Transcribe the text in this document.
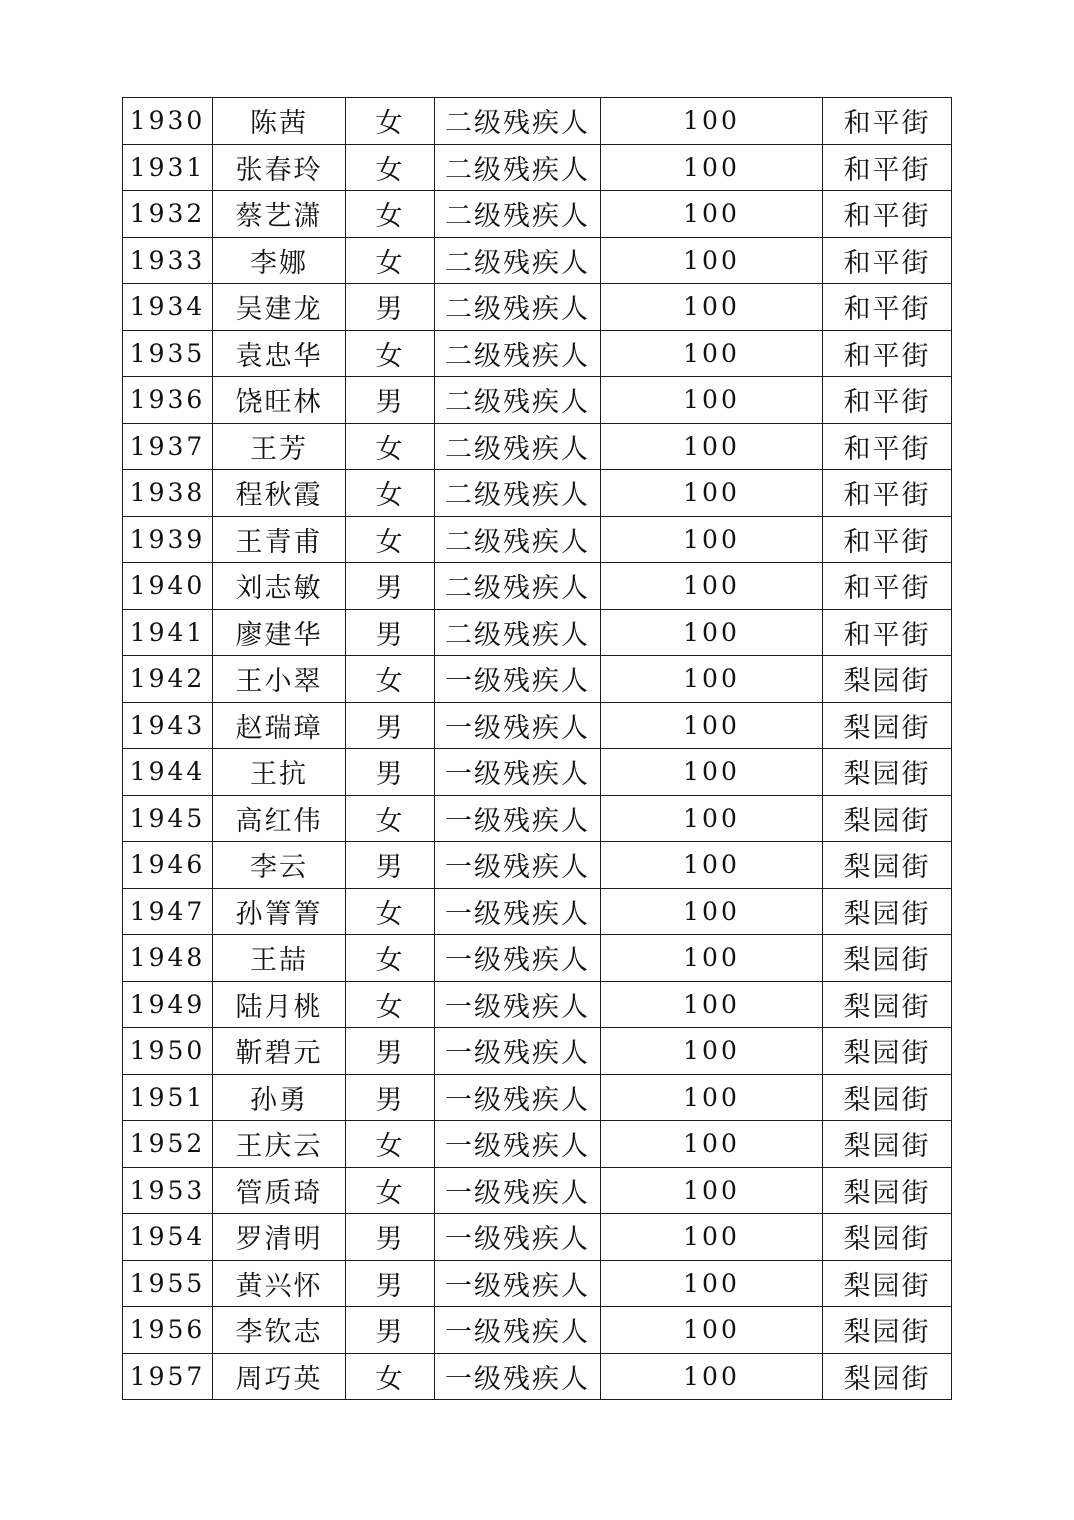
1930	陈茜	女	二级残疾人	100	和平街
1931	张春玲	女	二级残疾人	100	和平街
1932	蔡艺潇	女	二级残疾人	100	和平街
1933	李娜	女	二级残疾人	100	和平街
1934	吴建龙	男	二级残疾人	100	和平街
1935	袁忠华	女	二级残疾人	100	和平街
1936	饶旺林	男	二级残疾人	100	和平街
1937	王芳	女	二级残疾人	100	和平街
1938	程秋霞	女	二级残疾人	100	和平街
1939	王青甫	女	二级残疾人	100	和平街
1940	刘志敏	男	二级残疾人	100	和平街
1941	廖建华	男	二级残疾人	100	和平街
1942	王小翠	女	一级残疾人	100	梨园街
1943	赵瑞璋	男	一级残疾人	100	梨园街
1944	王抗	男	一级残疾人	100	梨园街
1945	高红伟	女	一级残疾人	100	梨园街
1946	李云	男	一级残疾人	100	梨园街
1947	孙箐箐	女	一级残疾人	100	梨园街
1948	王喆	女	一级残疾人	100	梨园街
1949	陆月桃	女	一级残疾人	100	梨园街
1950	靳碧元	男	一级残疾人	100	梨园街
1951	孙勇	男	一级残疾人	100	梨园街
1952	王庆云	女	一级残疾人	100	梨园街
1953	管质琦	女	一级残疾人	100	梨园街
1954	罗清明	男	一级残疾人	100	梨园街
1955	黄兴怀	男	一级残疾人	100	梨园街
1956	李钦志	男	一级残疾人	100	梨园街
1957	周巧英	女	一级残疾人	100	梨园街
